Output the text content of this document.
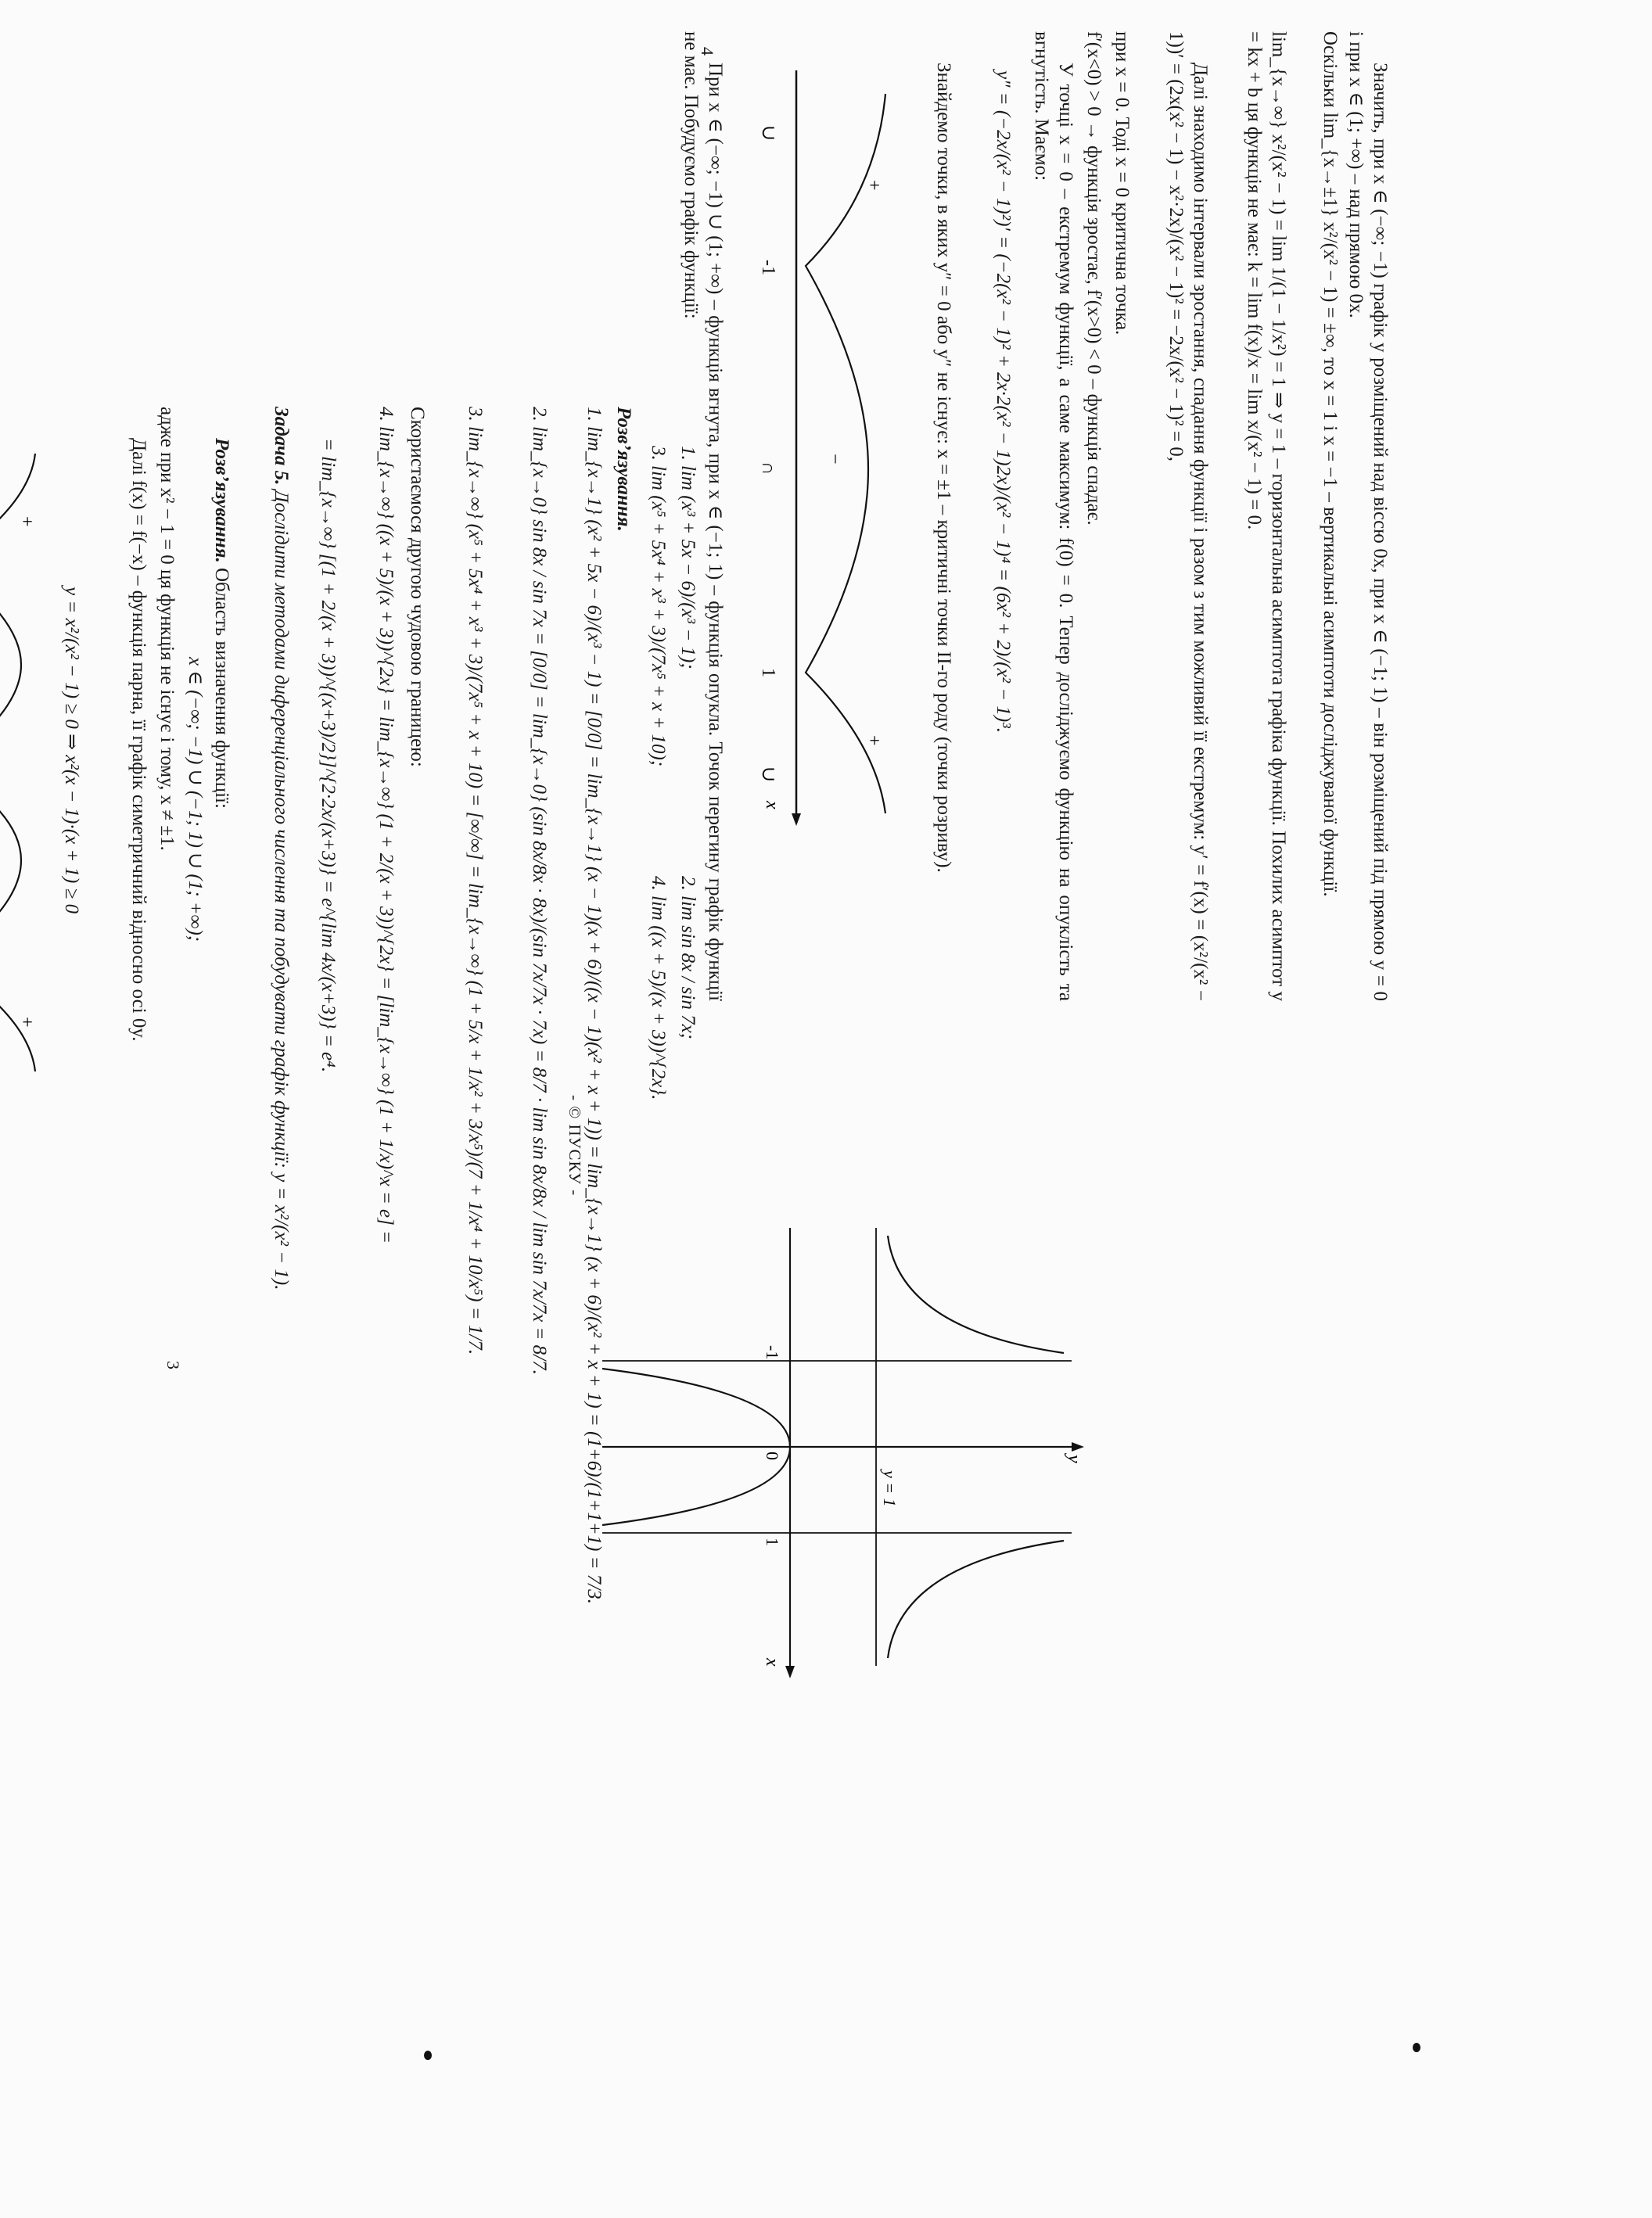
1. lim (x³ + 5x − 6)/(x³ − 1);
2. lim sin 8x / sin 7x;
3. lim (x⁵ + 5x⁴ + x³ + 3)/(7x⁵ + x + 10);
4. lim ((x + 5)/(x + 3))^{2x}.
Розв’язування.
1. lim_{x→1} (x² + 5x − 6)/(x³ − 1) = [0/0] = lim_{x→1} (x − 1)(x + 6)/((x − 1)(x² + x + 1)) = lim_{x→1} (x + 6)/(x² + x + 1) = (1+6)/(1+1+1) = 7/3.
2. lim_{x→0} sin 8x / sin 7x = [0/0] = lim_{x→0} (sin 8x/8x · 8x)/(sin 7x/7x · 7x) = 8/7 · lim sin 8x/8x / lim sin 7x/7x = 8/7.
3. lim_{x→∞} (x⁵ + 5x⁴ + x³ + 3)/(7x⁵ + x + 10) = [∞/∞] = lim_{x→∞} (1 + 5/x + 1/x² + 3/x⁵)/(7 + 1/x⁴ + 10/x⁵) = 1/7.
Скористаємося другою чудовою границею:
4. lim_{x→∞} ((x + 5)/(x + 3))^{2x} = lim_{x→∞} (1 + 2/(x + 3))^{2x} = [lim_{x→∞} (1 + 1/x)^x = e] =
= lim_{x→∞} [(1 + 2/(x + 3))^{(x+3)/2}]^{2·2x/(x+3)} = e^{lim 4x/(x+3)} = e⁴.
Задача 5. Дослідити методами диференціального числення та побудувати графік функції: y = x²/(x² − 1).
Розв’язування. Область визначення функції:
x ∈ (−∞; −1) ∪ (−1; 1) ∪ (1; +∞);
адже при x² − 1 = 0 ця функція не існує і тому, x ≠ ±1.
Далі f(x) = f(−x) – функція парна, її графік симетричний відносно осі 0y.
y = x²/(x² − 1) ≥ 0 ⇒ x²(x − 1)·(x + 1) ≥ 0
+
+
3
4
Значить, при x ∈ (−∞; −1) графік у розміщений над віссю 0x, при x ∈ (−1; 1) – він розміщений під прямою y = 0 і при x ∈ (1; +∞) – над прямою 0x.
Оскільки lim_{x→±1} x²/(x² − 1) = ±∞, то x = 1 і x = −1 – вертикальні асимптоти досліджуваної функції.
lim_{x→∞} x²/(x² − 1) = lim 1/(1 − 1/x²) = 1 ⇒ y = 1 – горизонтальна асимптота графіка функції. Похилих асимптот y = kx + b ця функція не має: k = lim f(x)/x = lim x/(x² − 1) = 0.
Далі знаходимо інтервали зростання, спадання функції і разом з тим можливий її екстремум: y′ = f′(x) = (x²/(x² − 1))′ = (2x(x² − 1) − x²·2x)/(x² − 1)² = −2x/(x² − 1)² = 0,
при x = 0. Тоді x = 0 критична точка.
f′(x<0) > 0 → функція зростає, f′(x>0) < 0 – функція спадає.
У точці x = 0 – екстремум функції, а саме максимум: f(0) = 0. Тепер досліджуємо функцію на опуклість та вгнутість. Маємо:
y″ = (−2x/(x² − 1)²)′ = (−2(x² − 1)² + 2x·2(x² − 1)2x)/(x² − 1)⁴ = (6x² + 2)/(x² − 1)³.
Знайдемо точки, в яких y″ = 0 або y″ не існує: x = ±1 – критичні точки ІІ-го роду (точки розриву).
+
−
+
∪
∩
∪
-1
1
x
При x ∈ (−∞; −1) ∪ (1; +∞) – функція вгнута, при x ∈ (−1; 1) – функція опукла. Точок перегину графік функції не має. Побудуємо графік функції:
- © ПУСКУ -
y = 1
-1
0
1
x
y
